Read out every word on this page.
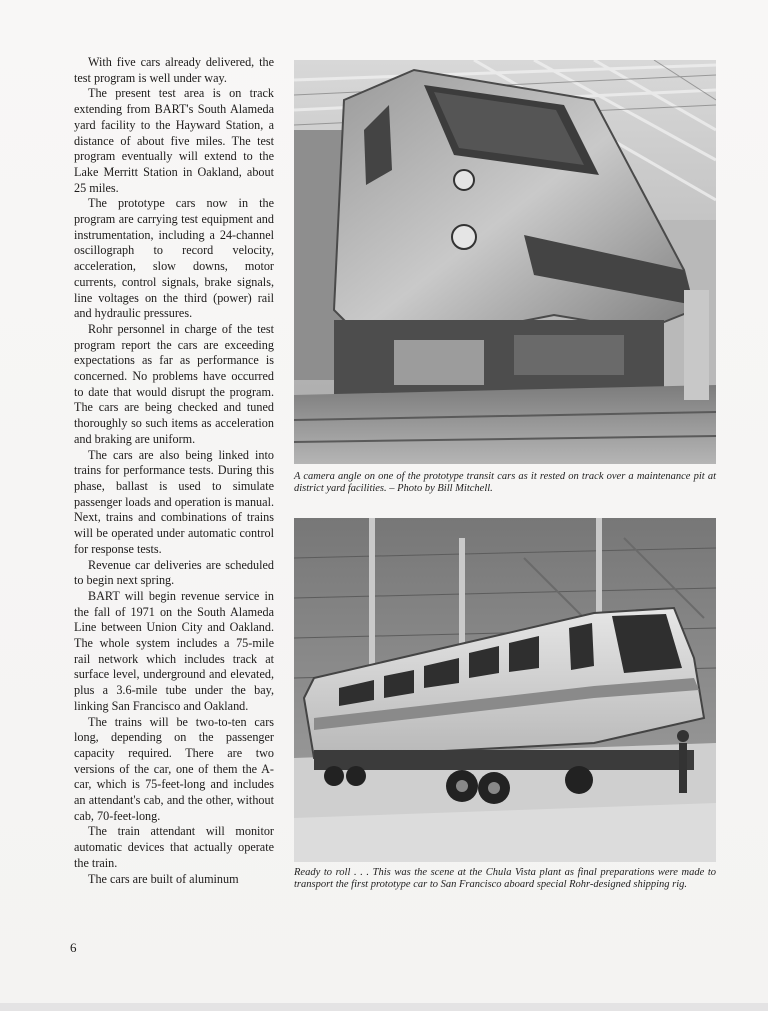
With five cars already delivered, the test program is well under way.

The present test area is on track extending from BART's South Alameda yard facility to the Hayward Station, a distance of about five miles. The test program eventually will extend to the Lake Merritt Station in Oakland, about 25 miles.

The prototype cars now in the program are carrying test equipment and instrumentation, including a 24-channel oscillograph to record velocity, acceleration, slow downs, motor currents, control signals, brake signals, line voltages on the third (power) rail and hydraulic pressures.

Rohr personnel in charge of the test program report the cars are exceeding expectations as far as performance is concerned. No problems have occurred to date that would disrupt the program. The cars are being checked and tuned thoroughly so such items as acceleration and braking are uniform.

The cars are also being linked into trains for performance tests. During this phase, ballast is used to simulate passenger loads and operation is manual. Next, trains and combinations of trains will be operated under automatic control for response tests.

Revenue car deliveries are scheduled to begin next spring.

BART will begin revenue service in the fall of 1971 on the South Alameda Line between Union City and Oakland. The whole system includes a 75-mile rail network which includes track at surface level, underground and elevated, plus a 3.6-mile tube under the bay, linking San Francisco and Oakland.

The trains will be two-to-ten cars long, depending on the passenger capacity required. There are two versions of the car, one of them the A-car, which is 75-feet-long and includes an attendant's cab, and the other, without cab, 70-feet-long.

The train attendant will monitor automatic devices that actually operate the train.

The cars are built of aluminum

A camera angle on one of the prototype transit cars as it rested on track over a maintenance pit at district yard facilities. – Photo by Bill Mitchell.
Ready to roll . . . This was the scene at the Chula Vista plant as final preparations were made to transport the first prototype car to San Francisco aboard special Rohr-designed shipping rig.
6
